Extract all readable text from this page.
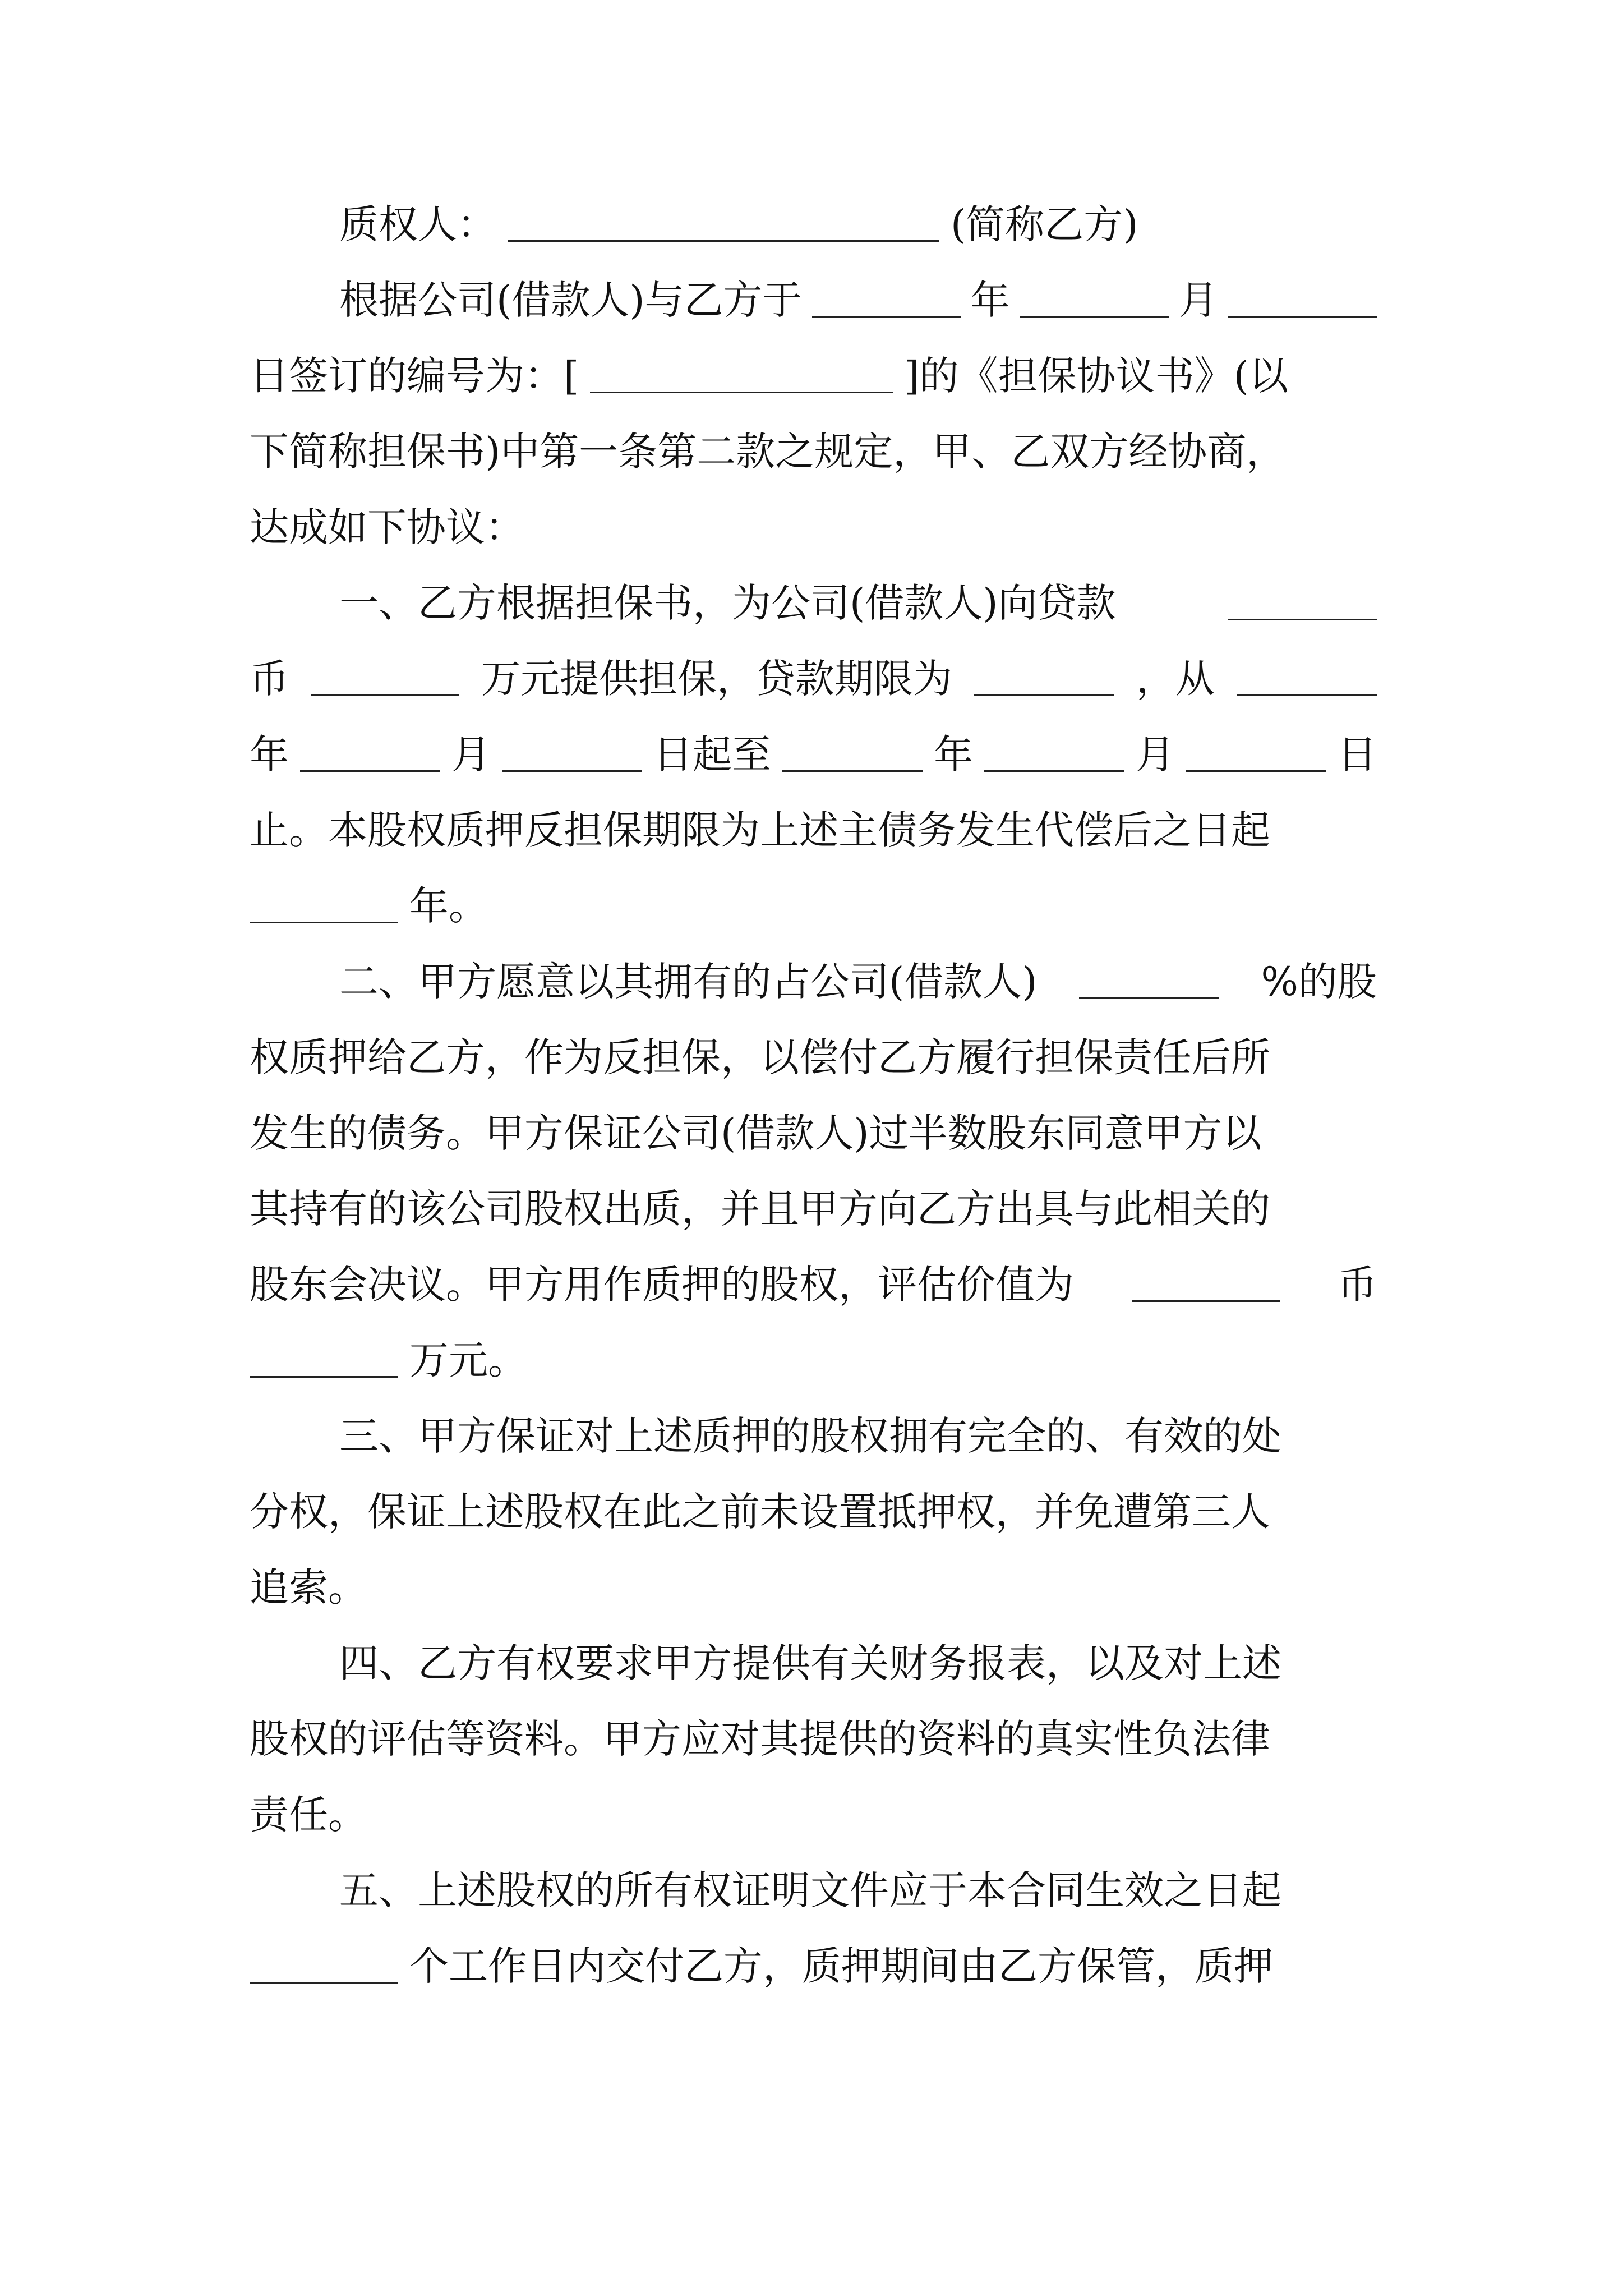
质权人：	(简称乙方)
根据公司(借款人)与乙方于	年	月
日签订的编号为：[	]的《担保协议书》(以
下简称担保书)中第一条第二款之规定，甲、乙双方经协商，
达成如下协议：
一、乙方根据担保书，为公司(借款人)向贷款
币	万元提供担保，贷款期限为	，从
年	月	日起至	年	月	日
止。本股权质押反担保期限为上述主债务发生代偿后之日起
年。
二、甲方愿意以其拥有的占公司(借款人)	%的股
权质押给乙方，作为反担保，以偿付乙方履行担保责任后所
发生的债务。甲方保证公司(借款人)过半数股东同意甲方以
其持有的该公司股权出质，并且甲方向乙方出具与此相关的
股东会决议。甲方用作质押的股权，评估价值为	币
万元。
三、甲方保证对上述质押的股权拥有完全的、有效的处
分权，保证上述股权在此之前未设置抵押权，并免遭第三人
追索。
四、乙方有权要求甲方提供有关财务报表，以及对上述
股权的评估等资料。甲方应对其提供的资料的真实性负法律
责任。
五、上述股权的所有权证明文件应于本合同生效之日起
个工作日内交付乙方，质押期间由乙方保管，质押
